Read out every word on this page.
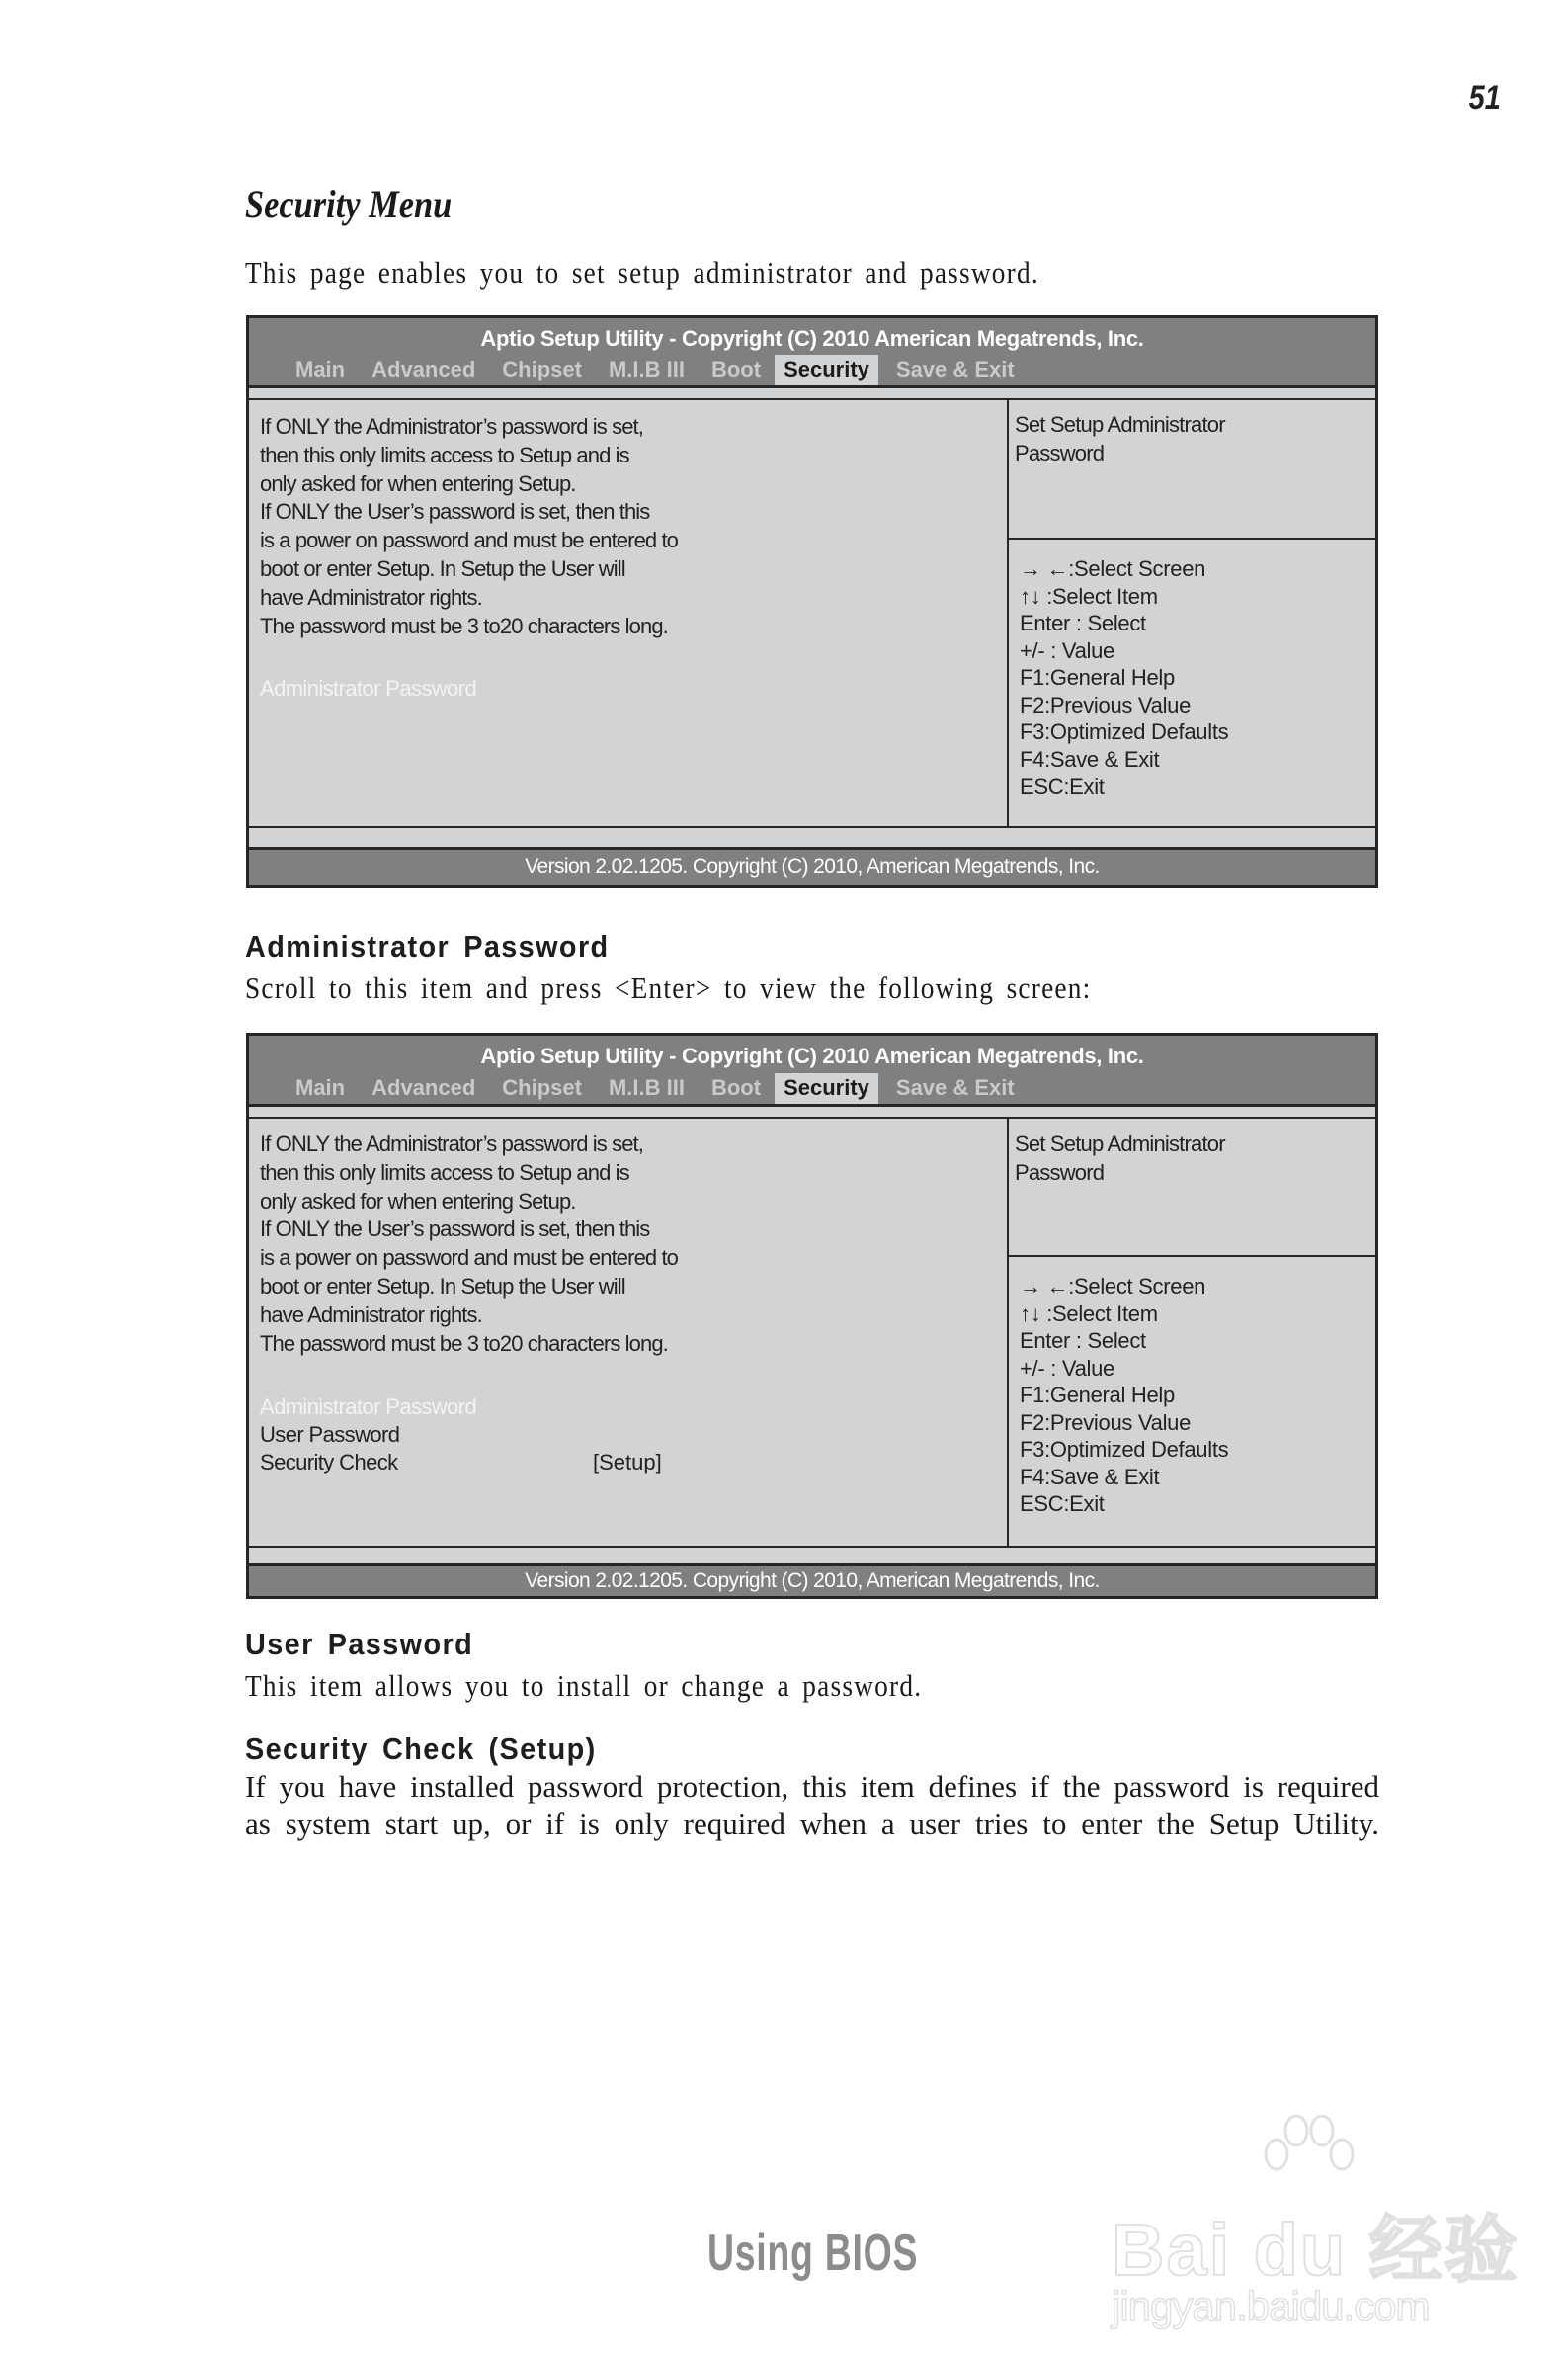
51
Security Menu
This page enables you to set setup administrator and password.
Aptio Setup Utility - Copyright (C) 2010 American Megatrends, Inc.
Main	Advanced	Chipset	M.I.B III	Boot	Security	Save & Exit
If ONLY the Administrator’s password is set,
then this only limits access to Setup and is
only asked for when entering Setup.
If ONLY the User’s password is set, then this
is a power on password and must be entered to
boot or enter Setup. In Setup the User will
have Administrator rights.
The password must be 3 to20 characters long.
Administrator Password
Set Setup Administrator
Password
→ ←:Select Screen
↑↓ :Select Item
Enter : Select
+/- : Value
F1:General Help
F2:Previous Value
F3:Optimized Defaults
F4:Save & Exit
ESC:Exit
Version 2.02.1205. Copyright (C) 2010, American Megatrends, Inc.
Administrator Password
Scroll to this item and press <Enter> to view the following screen:
Aptio Setup Utility - Copyright (C) 2010 American Megatrends, Inc.
Main	Advanced	Chipset	M.I.B III	Boot	Security	Save & Exit
If ONLY the Administrator’s password is set,
then this only limits access to Setup and is
only asked for when entering Setup.
If ONLY the User’s password is set, then this
is a power on password and must be entered to
boot or enter Setup. In Setup the User will
have Administrator rights.
The password must be 3 to20 characters long.
Administrator Password
User Password
Security Check	[Setup]
Set Setup Administrator
Password
→ ←:Select Screen
↑↓ :Select Item
Enter : Select
+/- : Value
F1:General Help
F2:Previous Value
F3:Optimized Defaults
F4:Save & Exit
ESC:Exit
Version 2.02.1205. Copyright (C) 2010, American Megatrends, Inc.
User Password
This item allows you to install or change a password.
Security Check (Setup)
If you have installed password protection, this item defines if the password is required
as system start up, or if is only required when a user tries to enter the Setup Utility.
Using BIOS	Bai du 经验
jingyan.baidu.com
